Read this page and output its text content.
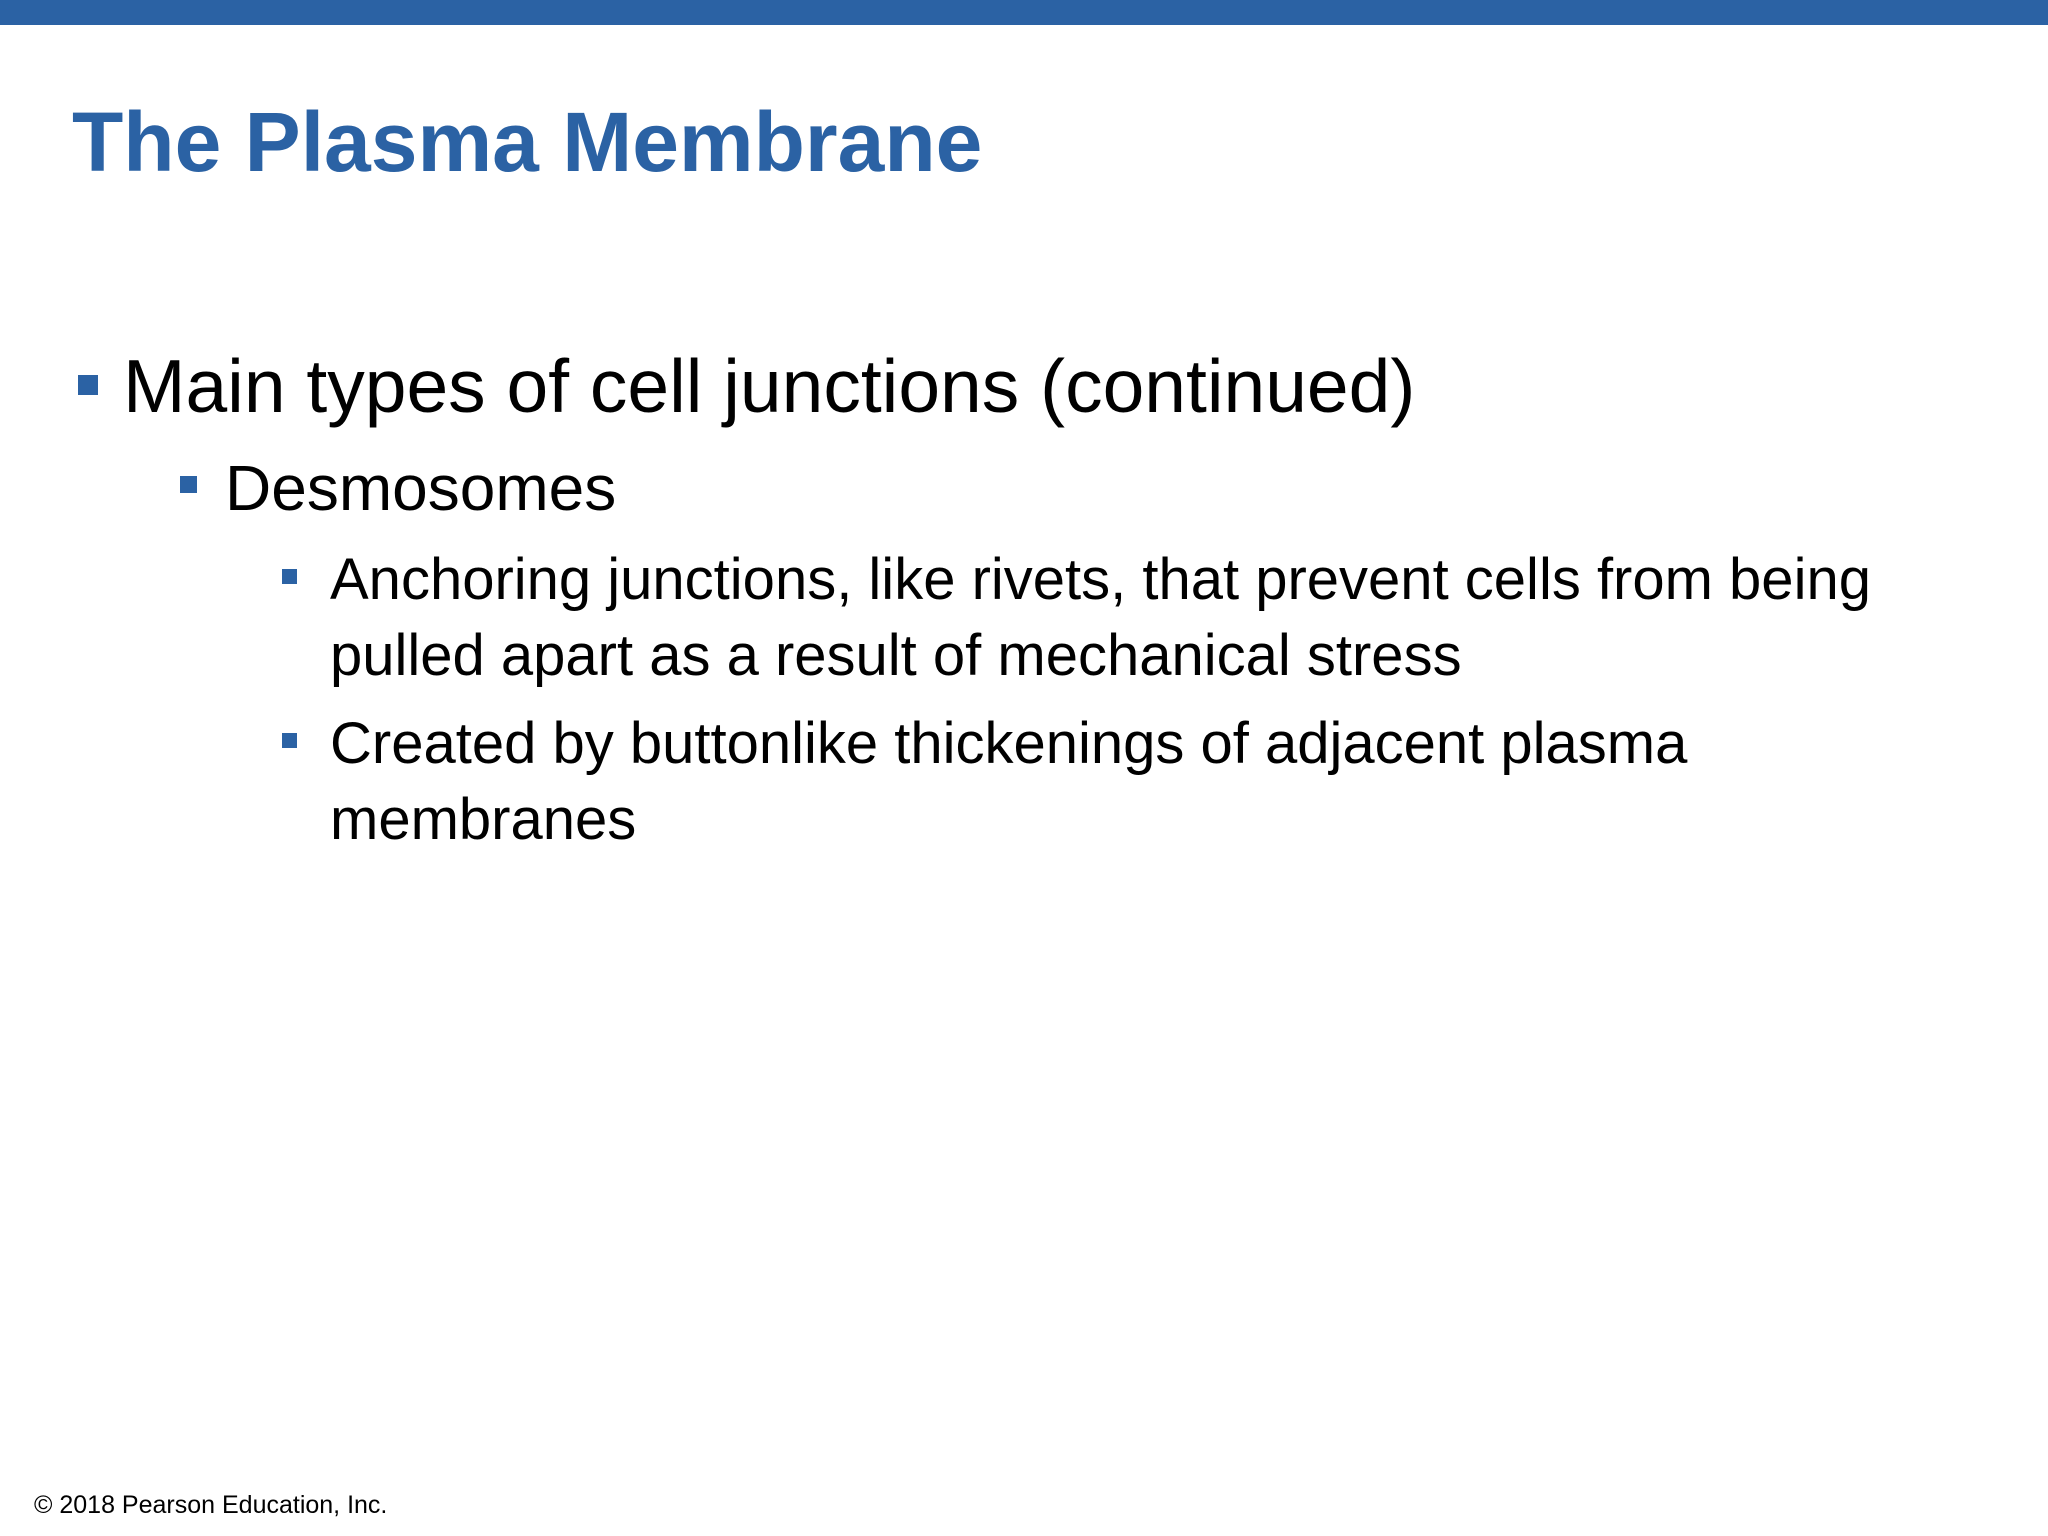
The Plasma Membrane
Main types of cell junctions (continued)
Desmosomes
Anchoring junctions, like rivets, that prevent cells from being pulled apart as a result of mechanical stress
Created by buttonlike thickenings of adjacent plasma membranes
© 2018 Pearson Education, Inc.
